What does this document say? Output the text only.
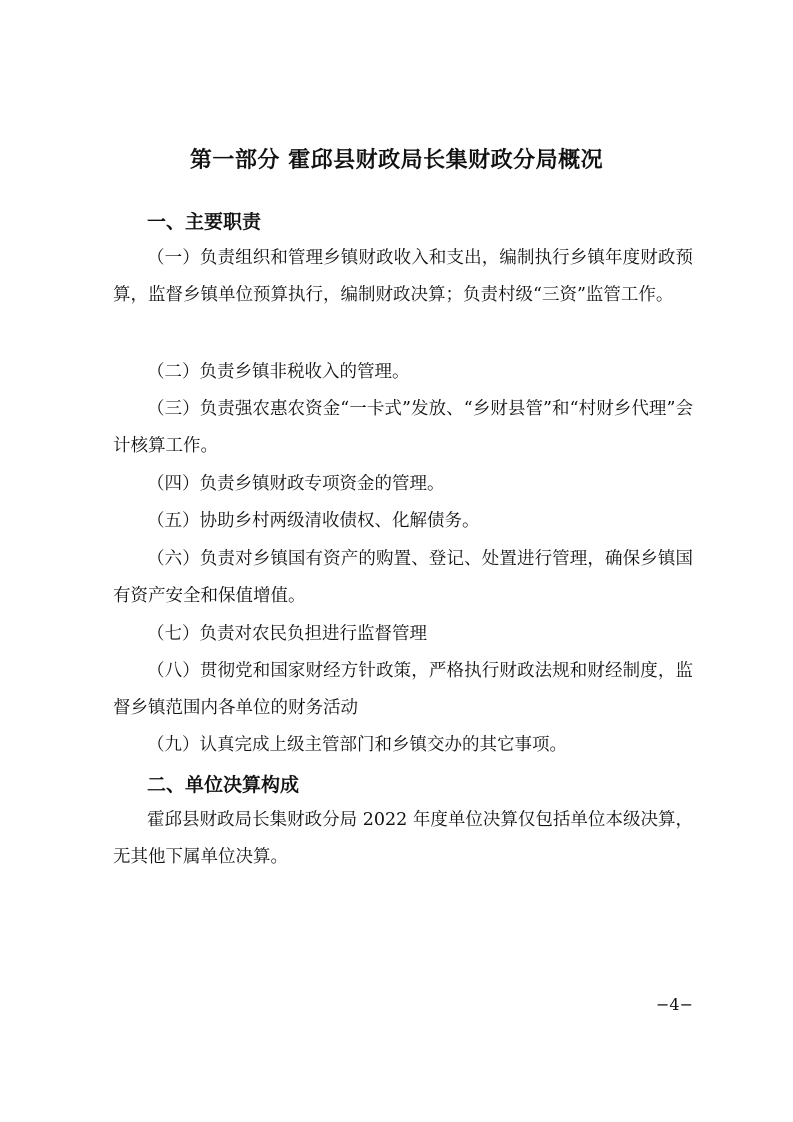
第一部分 霍邱县财政局长集财政分局概况
一、主要职责

（一）负责组织和管理乡镇财政收入和支出，编制执行乡镇年度财政预算，监督乡镇单位预算执行，编制财政决算；负责村级“三资”监管工作。

（二）负责乡镇非税收入的管理。

（三）负责强农惠农资金“一卡式”发放、“乡财县管”和“村财乡代理”会计核算工作。

（四）负责乡镇财政专项资金的管理。

（五）协助乡村两级清收债权、化解债务。

（六）负责对乡镇国有资产的购置、登记、处置进行管理，确保乡镇国有资产安全和保值增值。

（七）负责对农民负担进行监督管理

（八）贯彻党和国家财经方针政策，严格执行财政法规和财经制度，监督乡镇范围内各单位的财务活动

（九）认真完成上级主管部门和乡镇交办的其它事项。

二、单位决算构成

霍邱县财政局长集财政分局 2022 年度单位决算仅包括单位本级决算，无其他下属单位决算。

−4−
